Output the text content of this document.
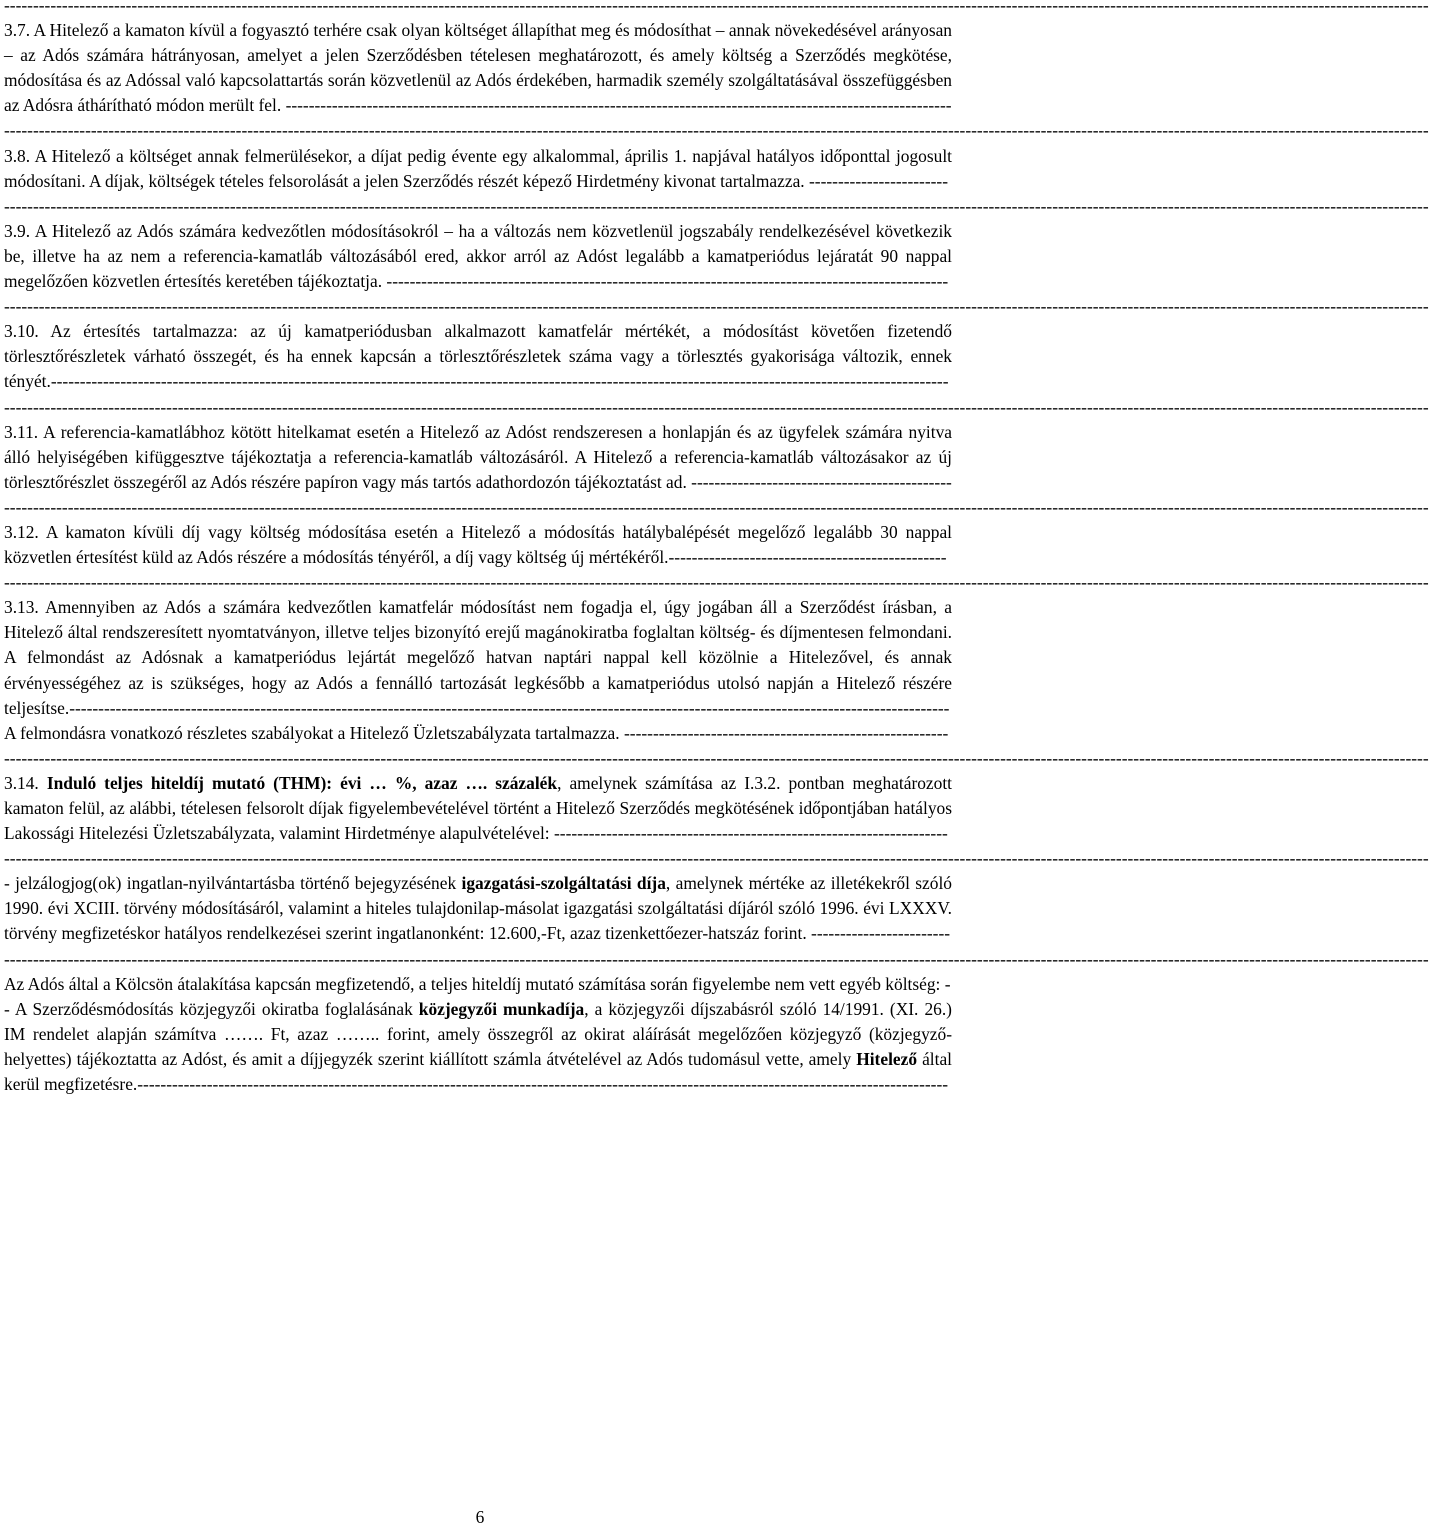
------------------------------------------------------------------------------------------------------------------------------------------------------------------------------------------------------------------------------------------------------

3.7. A Hitelező a kamaton kívül a fogyasztó terhére csak olyan költséget állapíthat meg és módosíthat – annak növekedésével arányosan – az Adós számára hátrányosan, amelyet a jelen Szerződésben tételesen meghatározott, és amely költség a Szerződés megkötése, módosítása és az Adóssal való kapcsolattartás során közvetlenül az Adós érdekében, harmadik személy szolgáltatásával összefüggésben az Adósra áthárítható módon merült fel. -------------------------------------------------------------------------------------------------------------------

------------------------------------------------------------------------------------------------------------------------------------------------------------------------------------------------------------------------------------------------------

3.8. A Hitelező a költséget annak felmerülésekor, a díjat pedig évente egy alkalommal, április 1. napjával hatályos időponttal jogosult módosítani. A díjak, költségek tételes felsorolását a jelen Szerződés részét képező Hirdetmény kivonat tartalmazza. ------------------------

------------------------------------------------------------------------------------------------------------------------------------------------------------------------------------------------------------------------------------------------------

3.9. A Hitelező az Adós számára kedvezőtlen módosításokról – ha a változás nem közvetlenül jogszabály rendelkezésével következik be, illetve ha az nem a referencia-kamatláb változásából ered, akkor arról az Adóst legalább a kamatperiódus lejáratát 90 nappal megelőzően közvetlen értesítés keretében tájékoztatja. -------------------------------------------------------------------------------------------------

------------------------------------------------------------------------------------------------------------------------------------------------------------------------------------------------------------------------------------------------------

3.10. Az értesítés tartalmazza: az új kamatperiódusban alkalmazott kamatfelár mértékét, a módosítást követően fizetendő törlesztőrészletek várható összegét, és ha ennek kapcsán a törlesztőrészletek száma vagy a törlesztés gyakorisága változik, ennek tényét.-----------------------------------------------------------------------------------------------------------------------------------------------------------

------------------------------------------------------------------------------------------------------------------------------------------------------------------------------------------------------------------------------------------------------

3.11. A referencia-kamatlábhoz kötött hitelkamat esetén a Hitelező az Adóst rendszeresen a honlapján és az ügyfelek számára nyitva álló helyiségében kifüggesztve tájékoztatja a referencia-kamatláb változásáról. A Hitelező a referencia-kamatláb változásakor az új törlesztőrészlet összegéről az Adós részére papíron vagy más tartós adathordozón tájékoztatást ad. ---------------------------------------------

------------------------------------------------------------------------------------------------------------------------------------------------------------------------------------------------------------------------------------------------------

3.12. A kamaton kívüli díj vagy költség módosítása esetén a Hitelező a módosítás hatálybalépését megelőző legalább 30 nappal közvetlen értesítést küld az Adós részére a módosítás tényéről, a díj vagy költség új mértékéről.------------------------------------------------

------------------------------------------------------------------------------------------------------------------------------------------------------------------------------------------------------------------------------------------------------

3.13. Amennyiben az Adós a számára kedvezőtlen kamatfelár módosítást nem fogadja el, úgy jogában áll a Szerződést írásban, a Hitelező által rendszeresített nyomtatványon, illetve teljes bizonyító erejű magánokiratba foglaltan költség- és díjmentesen felmondani. A felmondást az Adósnak a kamatperiódus lejártát megelőző hatvan naptári nappal kell közölnie a Hitelezővel, és annak érvényességéhez az is szükséges, hogy az Adós a fennálló tartozását legkésőbb a kamatperiódus utolsó napján a Hitelező részére teljesítse.--------------------------------------------------------------------------------------------------------------------------------------------------------

A felmondásra vonatkozó részletes szabályokat a Hitelező Üzletszabályzata tartalmazza. --------------------------------------------------------

------------------------------------------------------------------------------------------------------------------------------------------------------------------------------------------------------------------------------------------------------

3.14. Induló teljes hiteldíj mutató (THM): évi … %, azaz …. százalék, amelynek számítása az I.3.2. pontban meghatározott kamaton felül, az alábbi, tételesen felsorolt díjak figyelembevételével történt a Hitelező Szerződés megkötésének időpontjában hatályos Lakossági Hitelezési Üzletszabályzata, valamint Hirdetménye alapulvételével: --------------------------------------------------------------------

------------------------------------------------------------------------------------------------------------------------------------------------------------------------------------------------------------------------------------------------------

- jelzálogjog(ok) ingatlan-nyilvántartásba történő bejegyzésének igazgatási-szolgáltatási díja, amelynek mértéke az illetékekről szóló 1990. évi XCIII. törvény módosításáról, valamint a hiteles tulajdonilap-másolat igazgatási szolgáltatási díjáról szóló 1996. évi LXXXV. törvény megfizetéskor hatályos rendelkezései szerint ingatlanonként: 12.600,-Ft, azaz tizenkettőezer-hatszáz forint. ------------------------

------------------------------------------------------------------------------------------------------------------------------------------------------------------------------------------------------------------------------------------------------

Az Adós által a Kölcsön átalakítása kapcsán megfizetendő, a teljes hiteldíj mutató számítása során figyelembe nem vett egyéb költség: -

- A Szerződésmódosítás közjegyzői okiratba foglalásának közjegyzői munkadíja, a közjegyzői díjszabásról szóló 14/1991. (XI. 26.) IM rendelet alapján számítva ……. Ft, azaz …….. forint, amely összegről az okirat aláírását megelőzően közjegyző (közjegyző-helyettes) tájékoztatta az Adóst, és amit a díjjegyzék szerint kiállított számla átvételével az Adós tudomásul vette, amely Hitelező által kerül megfizetésre.--------------------------------------------------------------------------------------------------------------------------------------------

6
